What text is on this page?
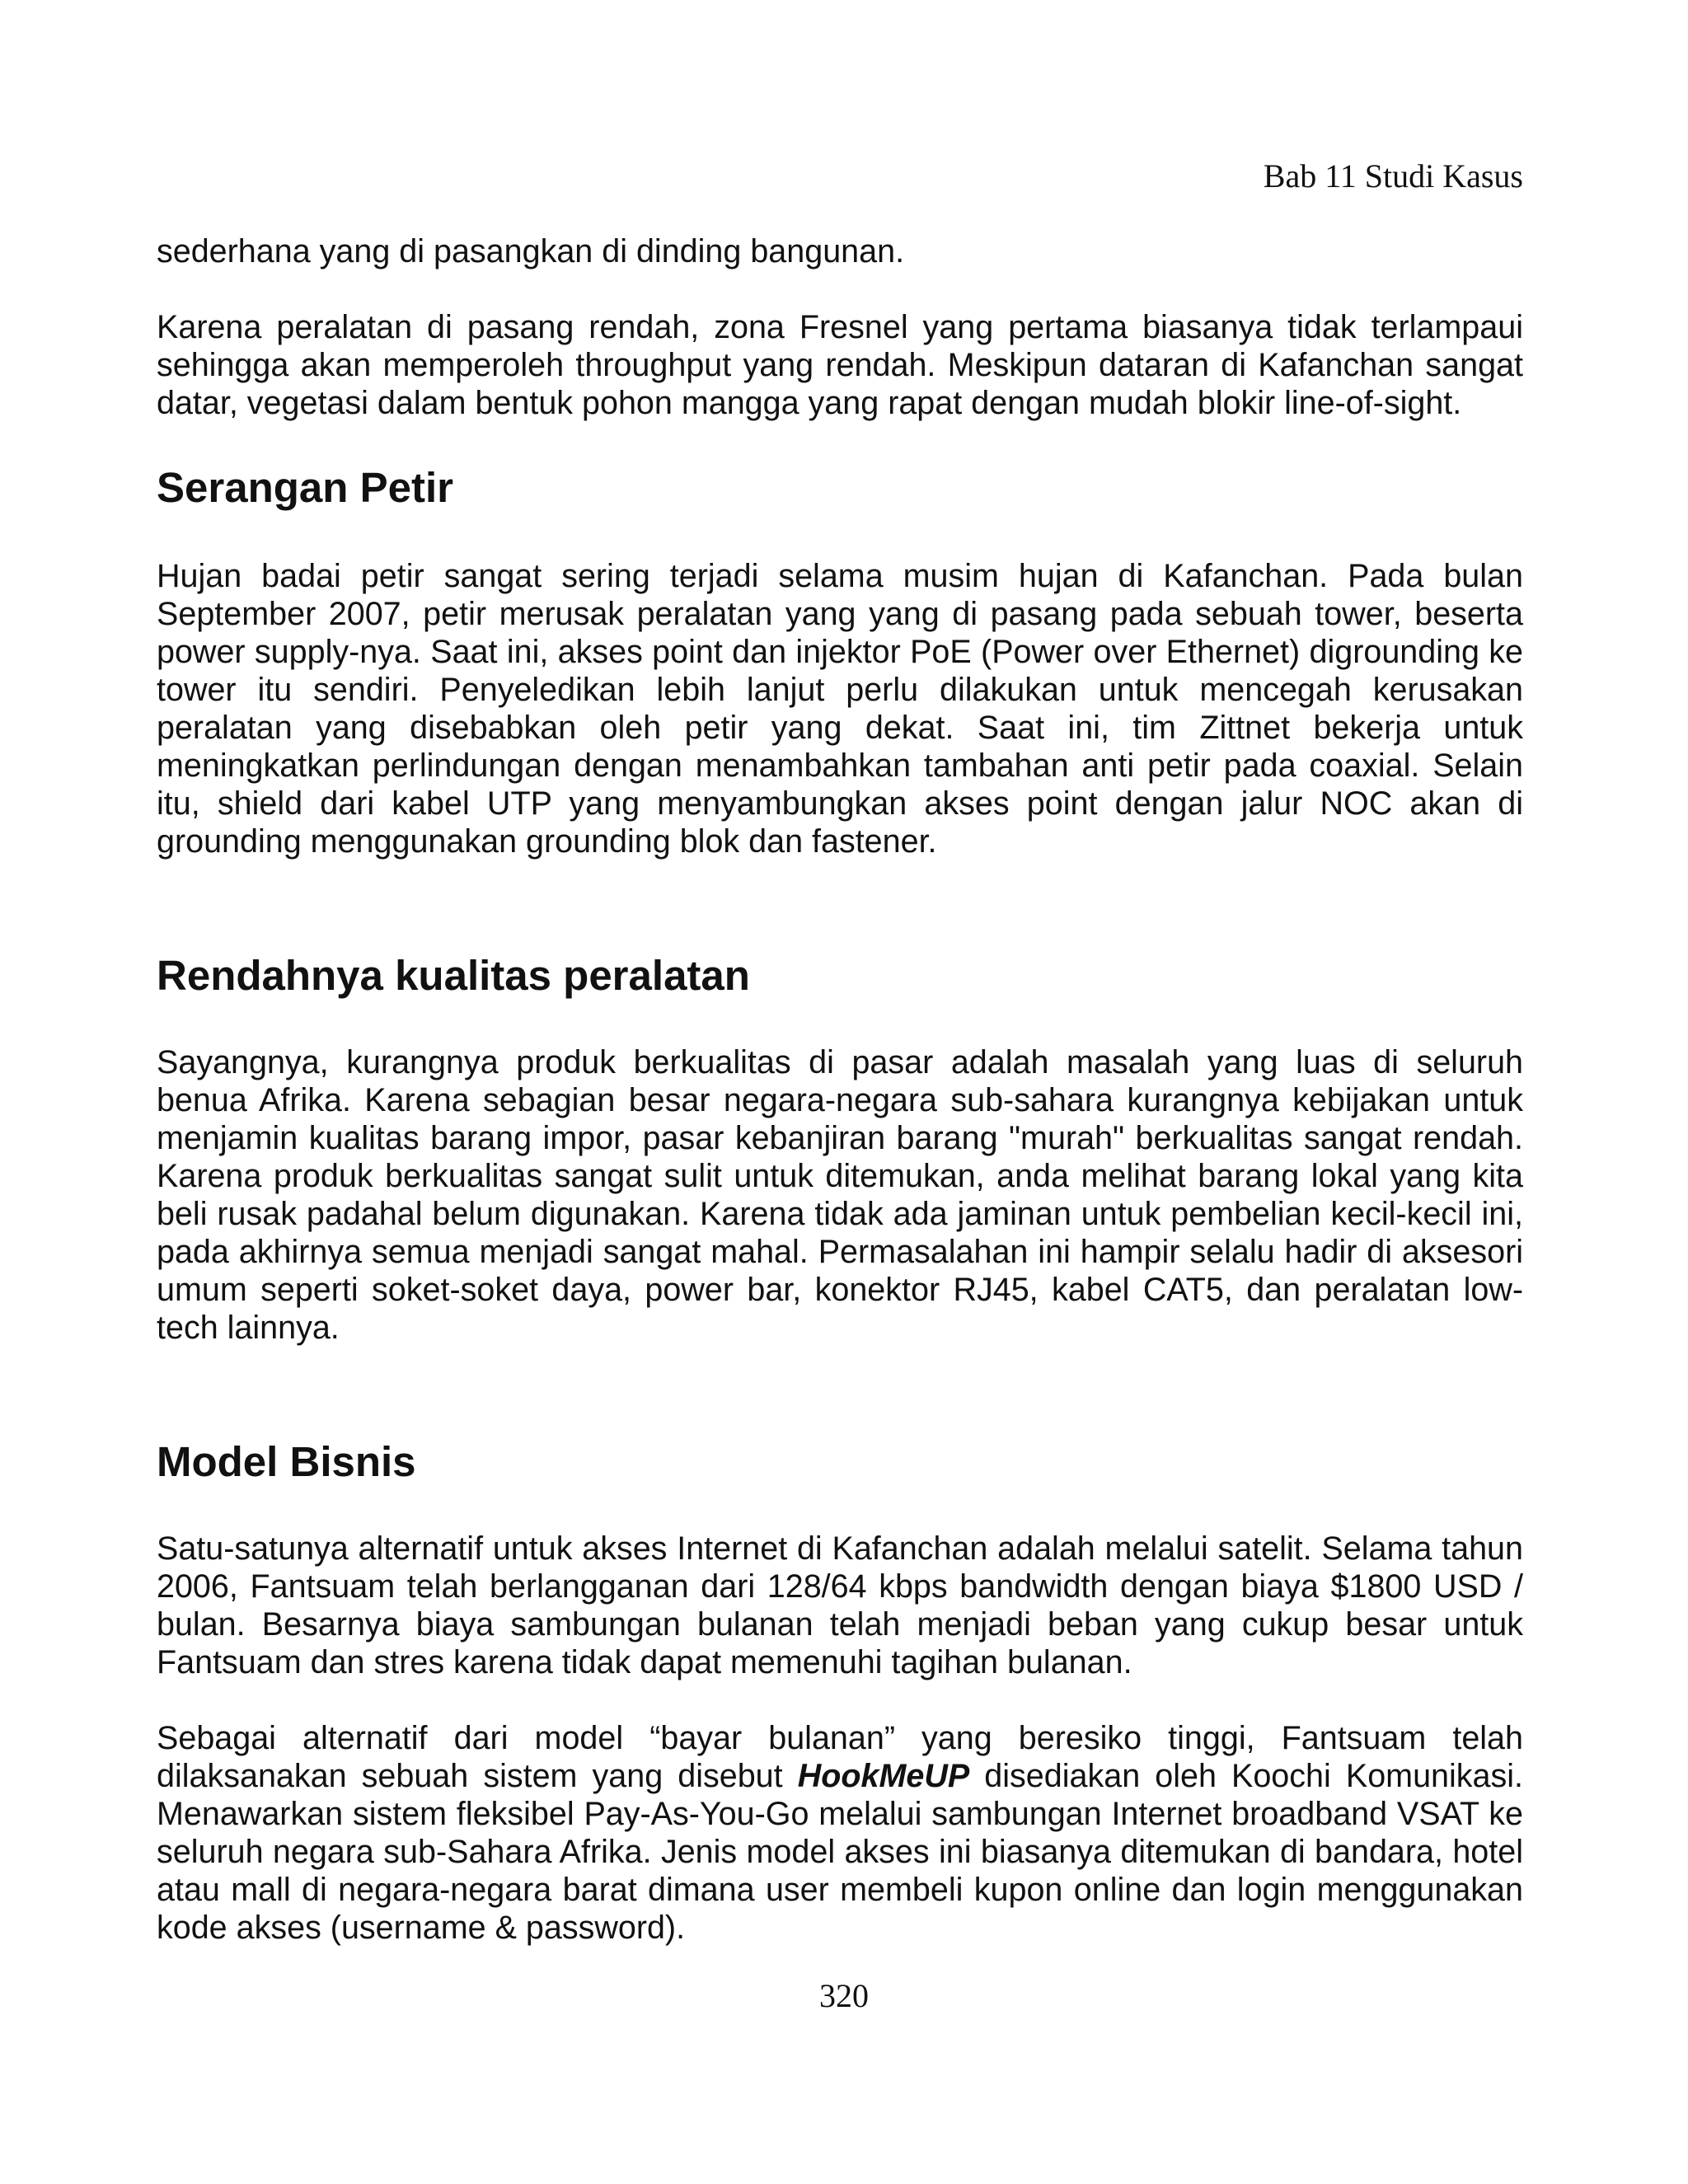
Bab 11 Studi Kasus

sederhana yang di pasangkan di dinding bangunan.

Karena peralatan di pasang rendah, zona Fresnel yang pertama biasanya tidak terlampaui sehingga akan memperoleh throughput yang rendah. Meskipun dataran di Kafanchan sangat datar, vegetasi dalam bentuk pohon mangga yang rapat dengan mudah blokir line-of-sight.

Serangan Petir

Hujan badai petir sangat sering terjadi selama musim hujan di Kafanchan. Pada bulan September 2007, petir merusak peralatan yang yang di pasang pada sebuah tower, beserta power supply-nya. Saat ini, akses point dan injektor PoE (Power over Ethernet) digrounding ke tower itu sendiri. Penyeledikan lebih lanjut perlu dilakukan untuk mencegah kerusakan peralatan yang disebabkan oleh petir yang dekat. Saat ini, tim Zittnet bekerja untuk meningkatkan perlindungan dengan menambahkan tambahan anti petir pada coaxial. Selain itu, shield dari kabel UTP yang menyambungkan akses point dengan jalur NOC akan di grounding menggunakan grounding blok dan fastener.

Rendahnya kualitas peralatan

Sayangnya, kurangnya produk berkualitas di pasar adalah masalah yang luas di seluruh benua Afrika. Karena sebagian besar negara-negara sub-sahara kurangnya kebijakan untuk menjamin kualitas barang impor, pasar kebanjiran barang "murah" berkualitas sangat rendah. Karena produk berkualitas sangat sulit untuk ditemukan, anda melihat barang lokal yang kita beli rusak padahal belum digunakan. Karena tidak ada jaminan untuk pembelian kecil-kecil ini, pada akhirnya semua menjadi sangat mahal. Permasalahan ini hampir selalu hadir di aksesori umum seperti soket-soket daya, power bar, konektor RJ45, kabel CAT5, dan peralatan low-tech lainnya.

Model Bisnis

Satu-satunya alternatif untuk akses Internet di Kafanchan adalah melalui satelit. Selama tahun 2006, Fantsuam telah berlangganan dari 128/64 kbps bandwidth dengan biaya $1800 USD / bulan. Besarnya biaya sambungan bulanan telah menjadi beban yang cukup besar untuk Fantsuam dan stres karena tidak dapat memenuhi tagihan bulanan.

Sebagai alternatif dari model “bayar bulanan” yang beresiko tinggi, Fantsuam telah dilaksanakan sebuah sistem yang disebut HookMeUP disediakan oleh Koochi Komunikasi. Menawarkan sistem fleksibel Pay-As-You-Go melalui sambungan Internet broadband VSAT ke seluruh negara sub-Sahara Afrika. Jenis model akses ini biasanya ditemukan di bandara, hotel atau mall di negara-negara barat dimana user membeli kupon online dan login menggunakan kode akses (username & password).

320
